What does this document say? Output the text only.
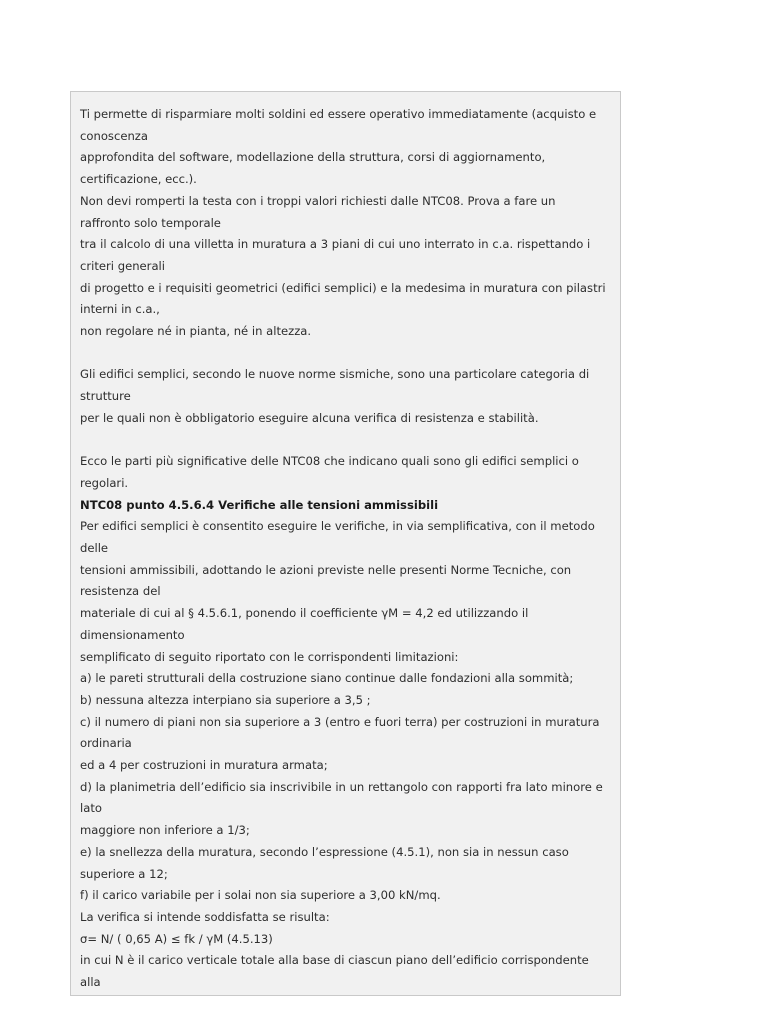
Ti permette di risparmiare molti soldini ed essere operativo immediatamente (acquisto e
conoscenza
approfondita del software, modellazione della struttura, corsi di aggiornamento,
certificazione, ecc.).
Non devi romperti la testa con i troppi valori richiesti dalle NTC08. Prova a fare un
raffronto solo temporale
tra il calcolo di una villetta in muratura a 3 piani di cui uno interrato in c.a. rispettando i
criteri generali
di progetto e i requisiti geometrici (edifici semplici) e la medesima in muratura con pilastri
interni in c.a.,
non regolare né in pianta, né in altezza.
Gli edifici semplici, secondo le nuove norme sismiche, sono una particolare categoria di
strutture
per le quali non è obbligatorio eseguire alcuna verifica di resistenza e stabilità.
Ecco le parti più significative delle NTC08 che indicano quali sono gli edifici semplici o
regolari.
NTC08 punto 4.5.6.4 Verifiche alle tensioni ammissibili
Per edifici semplici è consentito eseguire le verifiche, in via semplificativa, con il metodo
delle
tensioni ammissibili, adottando le azioni previste nelle presenti Norme Tecniche, con
resistenza del
materiale di cui al § 4.5.6.1, ponendo il coefficiente γM = 4,2 ed utilizzando il
dimensionamento
semplificato di seguito riportato con le corrispondenti limitazioni:
a) le pareti strutturali della costruzione siano continue dalle fondazioni alla sommità;
b) nessuna altezza interpiano sia superiore a 3,5 ;
c) il numero di piani non sia superiore a 3 (entro e fuori terra) per costruzioni in muratura
ordinaria
ed a 4 per costruzioni in muratura armata;
d) la planimetria dell’edificio sia inscrivibile in un rettangolo con rapporti fra lato minore e
lato
maggiore non inferiore a 1/3;
e) la snellezza della muratura, secondo l’espressione (4.5.1), non sia in nessun caso
superiore a 12;
f) il carico variabile per i solai non sia superiore a 3,00 kN/mq.
La verifica si intende soddisfatta se risulta:
σ= N/ ( 0,65 A) ≤ fk / γM (4.5.13)
in cui N è il carico verticale totale alla base di ciascun piano dell’edificio corrispondente
alla
